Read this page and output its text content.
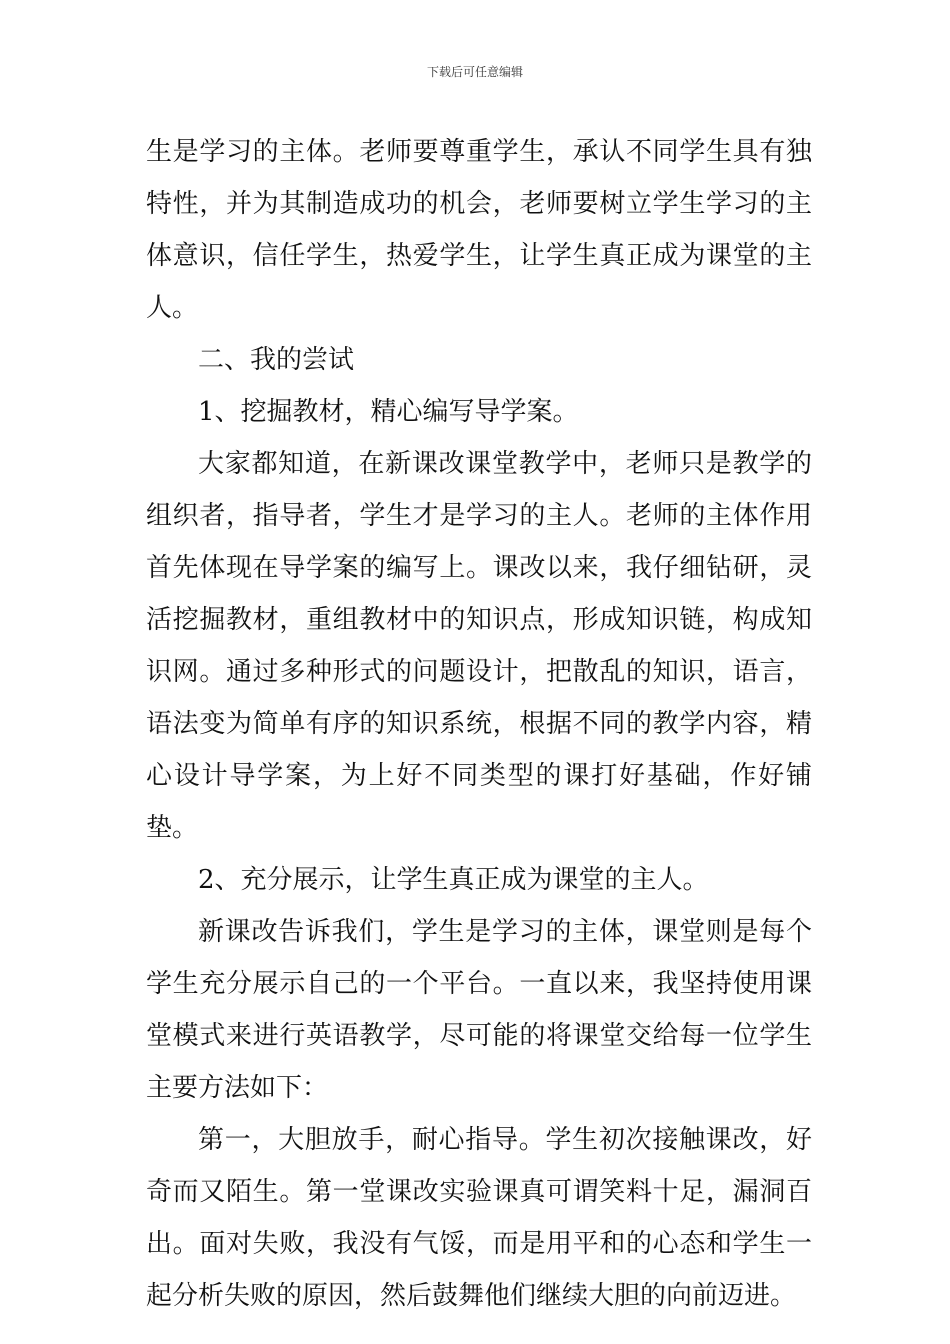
下载后可任意编辑

生是学习的主体。老师要尊重学生，承认不同学生具有独特性，并为其制造成功的机会，老师要树立学生学习的主体意识，信任学生，热爱学生，让学生真正成为课堂的主人。

二、我的尝试

1、挖掘教材，精心编写导学案。

大家都知道，在新课改课堂教学中，老师只是教学的组织者，指导者，学生才是学习的主人。老师的主体作用首先体现在导学案的编写上。课改以来，我仔细钻研，灵活挖掘教材，重组教材中的知识点，形成知识链，构成知识网。通过多种形式的问题设计，把散乱的知识，语言，语法变为简单有序的知识系统，根据不同的教学内容，精心设计导学案，为上好不同类型的课打好基础，作好铺垫。

2、充分展示，让学生真正成为课堂的主人。

新课改告诉我们，学生是学习的主体，课堂则是每个学生充分展示自己的一个平台。一直以来，我坚持使用课堂模式来进行英语教学，尽可能的将课堂交给每一位学生主要方法如下：

第一，大胆放手，耐心指导。学生初次接触课改，好奇而又陌生。第一堂课改实验课真可谓笑料十足，漏洞百出。面对失败，我没有气馁，而是用平和的心态和学生一起分析失败的原因，然后鼓舞他们继续大胆的向前迈进。
